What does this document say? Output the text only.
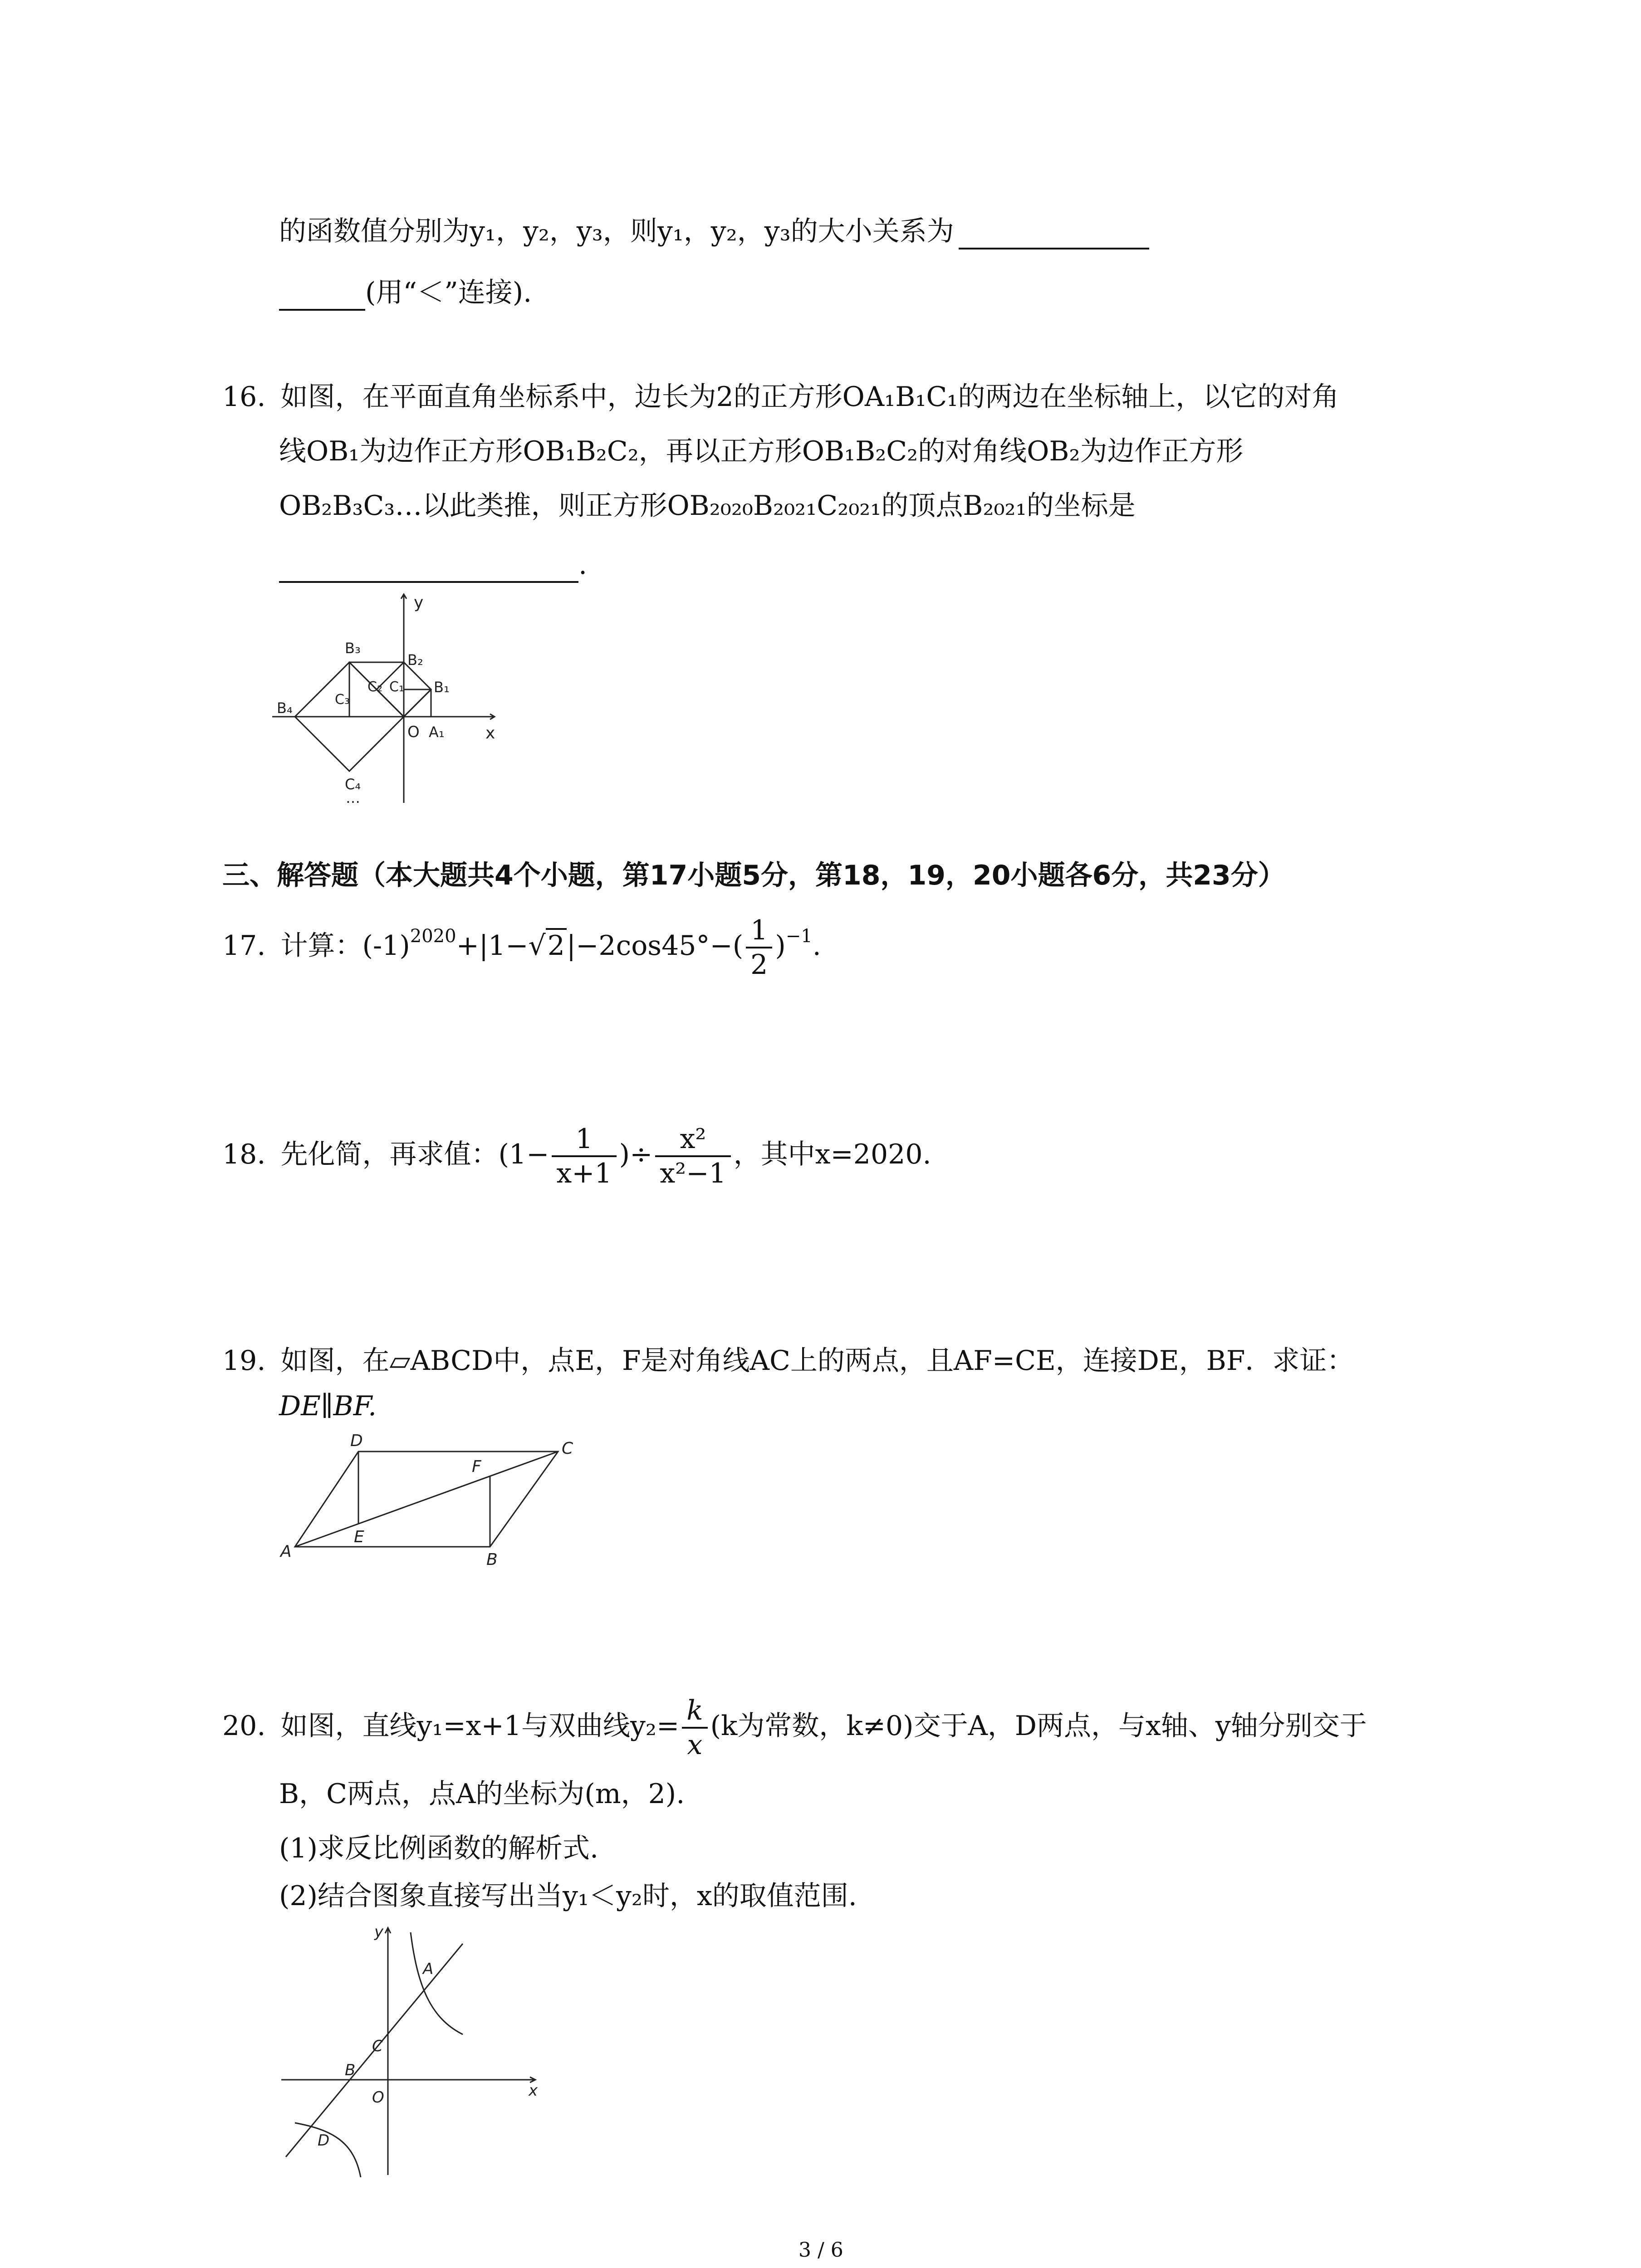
的函数值分别为y₁，y₂，y₃，则y₁，y₂，y₃的大小关系为
(用“＜”连接).
16. 如图，在平面直角坐标系中，边长为2的正方形OA₁B₁C₁的两边在坐标轴上，以它的对角
线OB₁为边作正方形OB₁B₂C₂，再以正方形OB₁B₂C₂的对角线OB₂为边作正方形
OB₂B₃C₃…以此类推，则正方形OB₂₀₂₀B₂₀₂₁C₂₀₂₁的顶点B₂₀₂₁的坐标是
.
y
x
O A₁
B₁
B₂
B₃
B₄
C₁
C₂
C₃
C₄
…
三、解答题（本大题共4个小题，第17小题5分，第18，19，20小题各6分，共23分）
17. 计算：$(-1)^{2020}+|1-√2|-2\cos 45^\circ-( \frac{1}{2} )^{-1}$.
18. 先化简，再求值：($1- \frac{1}{x+1}$ )÷ $\frac{\text{x²}}{\text{x²−1}}$ ，其中x=2020.
19. 如图，在▱ABCD中，点E，F是对角线AC上的两点，且AF=CE，连接DE，BF．求证：
DE∥BF.
A	B
C
D
E
F
20. 如图，直线y₁=x+1与双曲线$y_2= \frac{k}{x} (k$为常数，k≠0)交于A，D两点，与x轴、y轴分别交于
B，C两点，点A的坐标为(m，2).
(1)求反比例函数的解析式.
(2)结合图象直接写出当y₁＜y₂时，x的取值范围.
y
x
O
A
B
C
D
3 / 6
